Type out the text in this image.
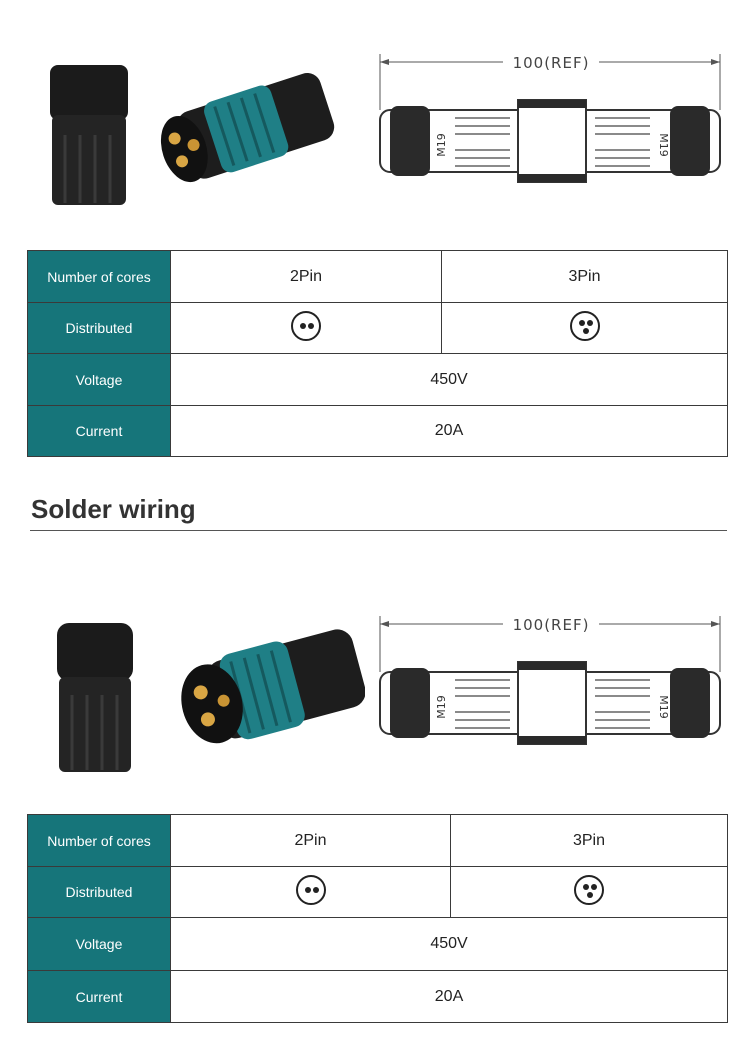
100(REF)
M19	M19
Number of cores	2Pin	3Pin
Distributed	

Voltage	450V	
Current	20A	
Solder wiring
100(REF)
M19	M19
Number of cores	2Pin	3Pin
Distributed	

Voltage	450V	
Current	20A	
